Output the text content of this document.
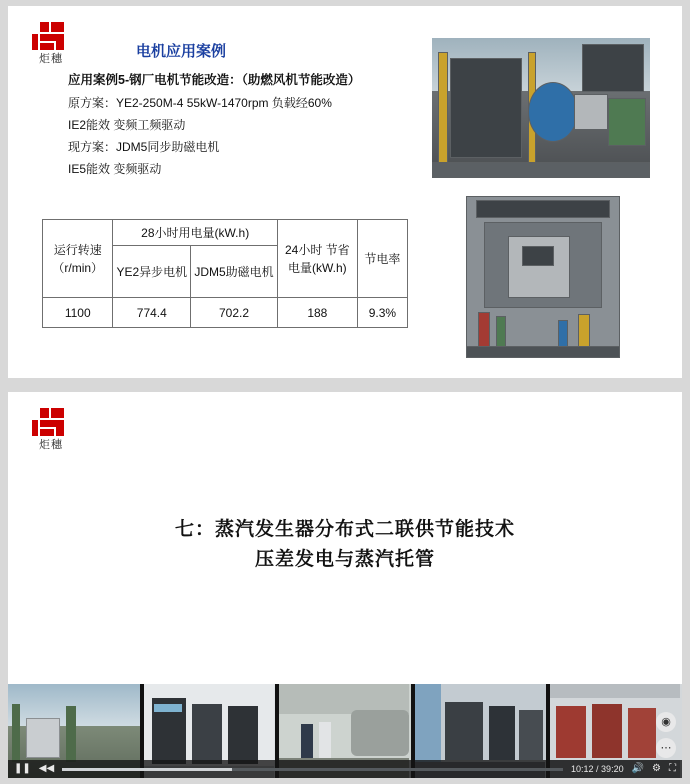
炬穗	电机应用案例
应用案例5-钢厂电机节能改造：（助燃风机节能改造）
原方案：YE2-250M-4 55kW-1470rpm 负载经60%
IE2能效 变频工频驱动
现方案：JDM5同步助磁电机
IE5能效 变频驱动
运行转速
（r/min）	28小时用电量(kW.h)		24小时 节省电量(kW.h)	节电率
	YE2异步电机	JDM5助磁电机		
1100	774.4	702.2	188	9.3%
炬穗
七：蒸汽发生器分布式二联供节能技术
压差发电与蒸汽托管
◉
⋯
❚❚ ◀◀	10:12 / 39:20 🔊 ⚙ ⛶
